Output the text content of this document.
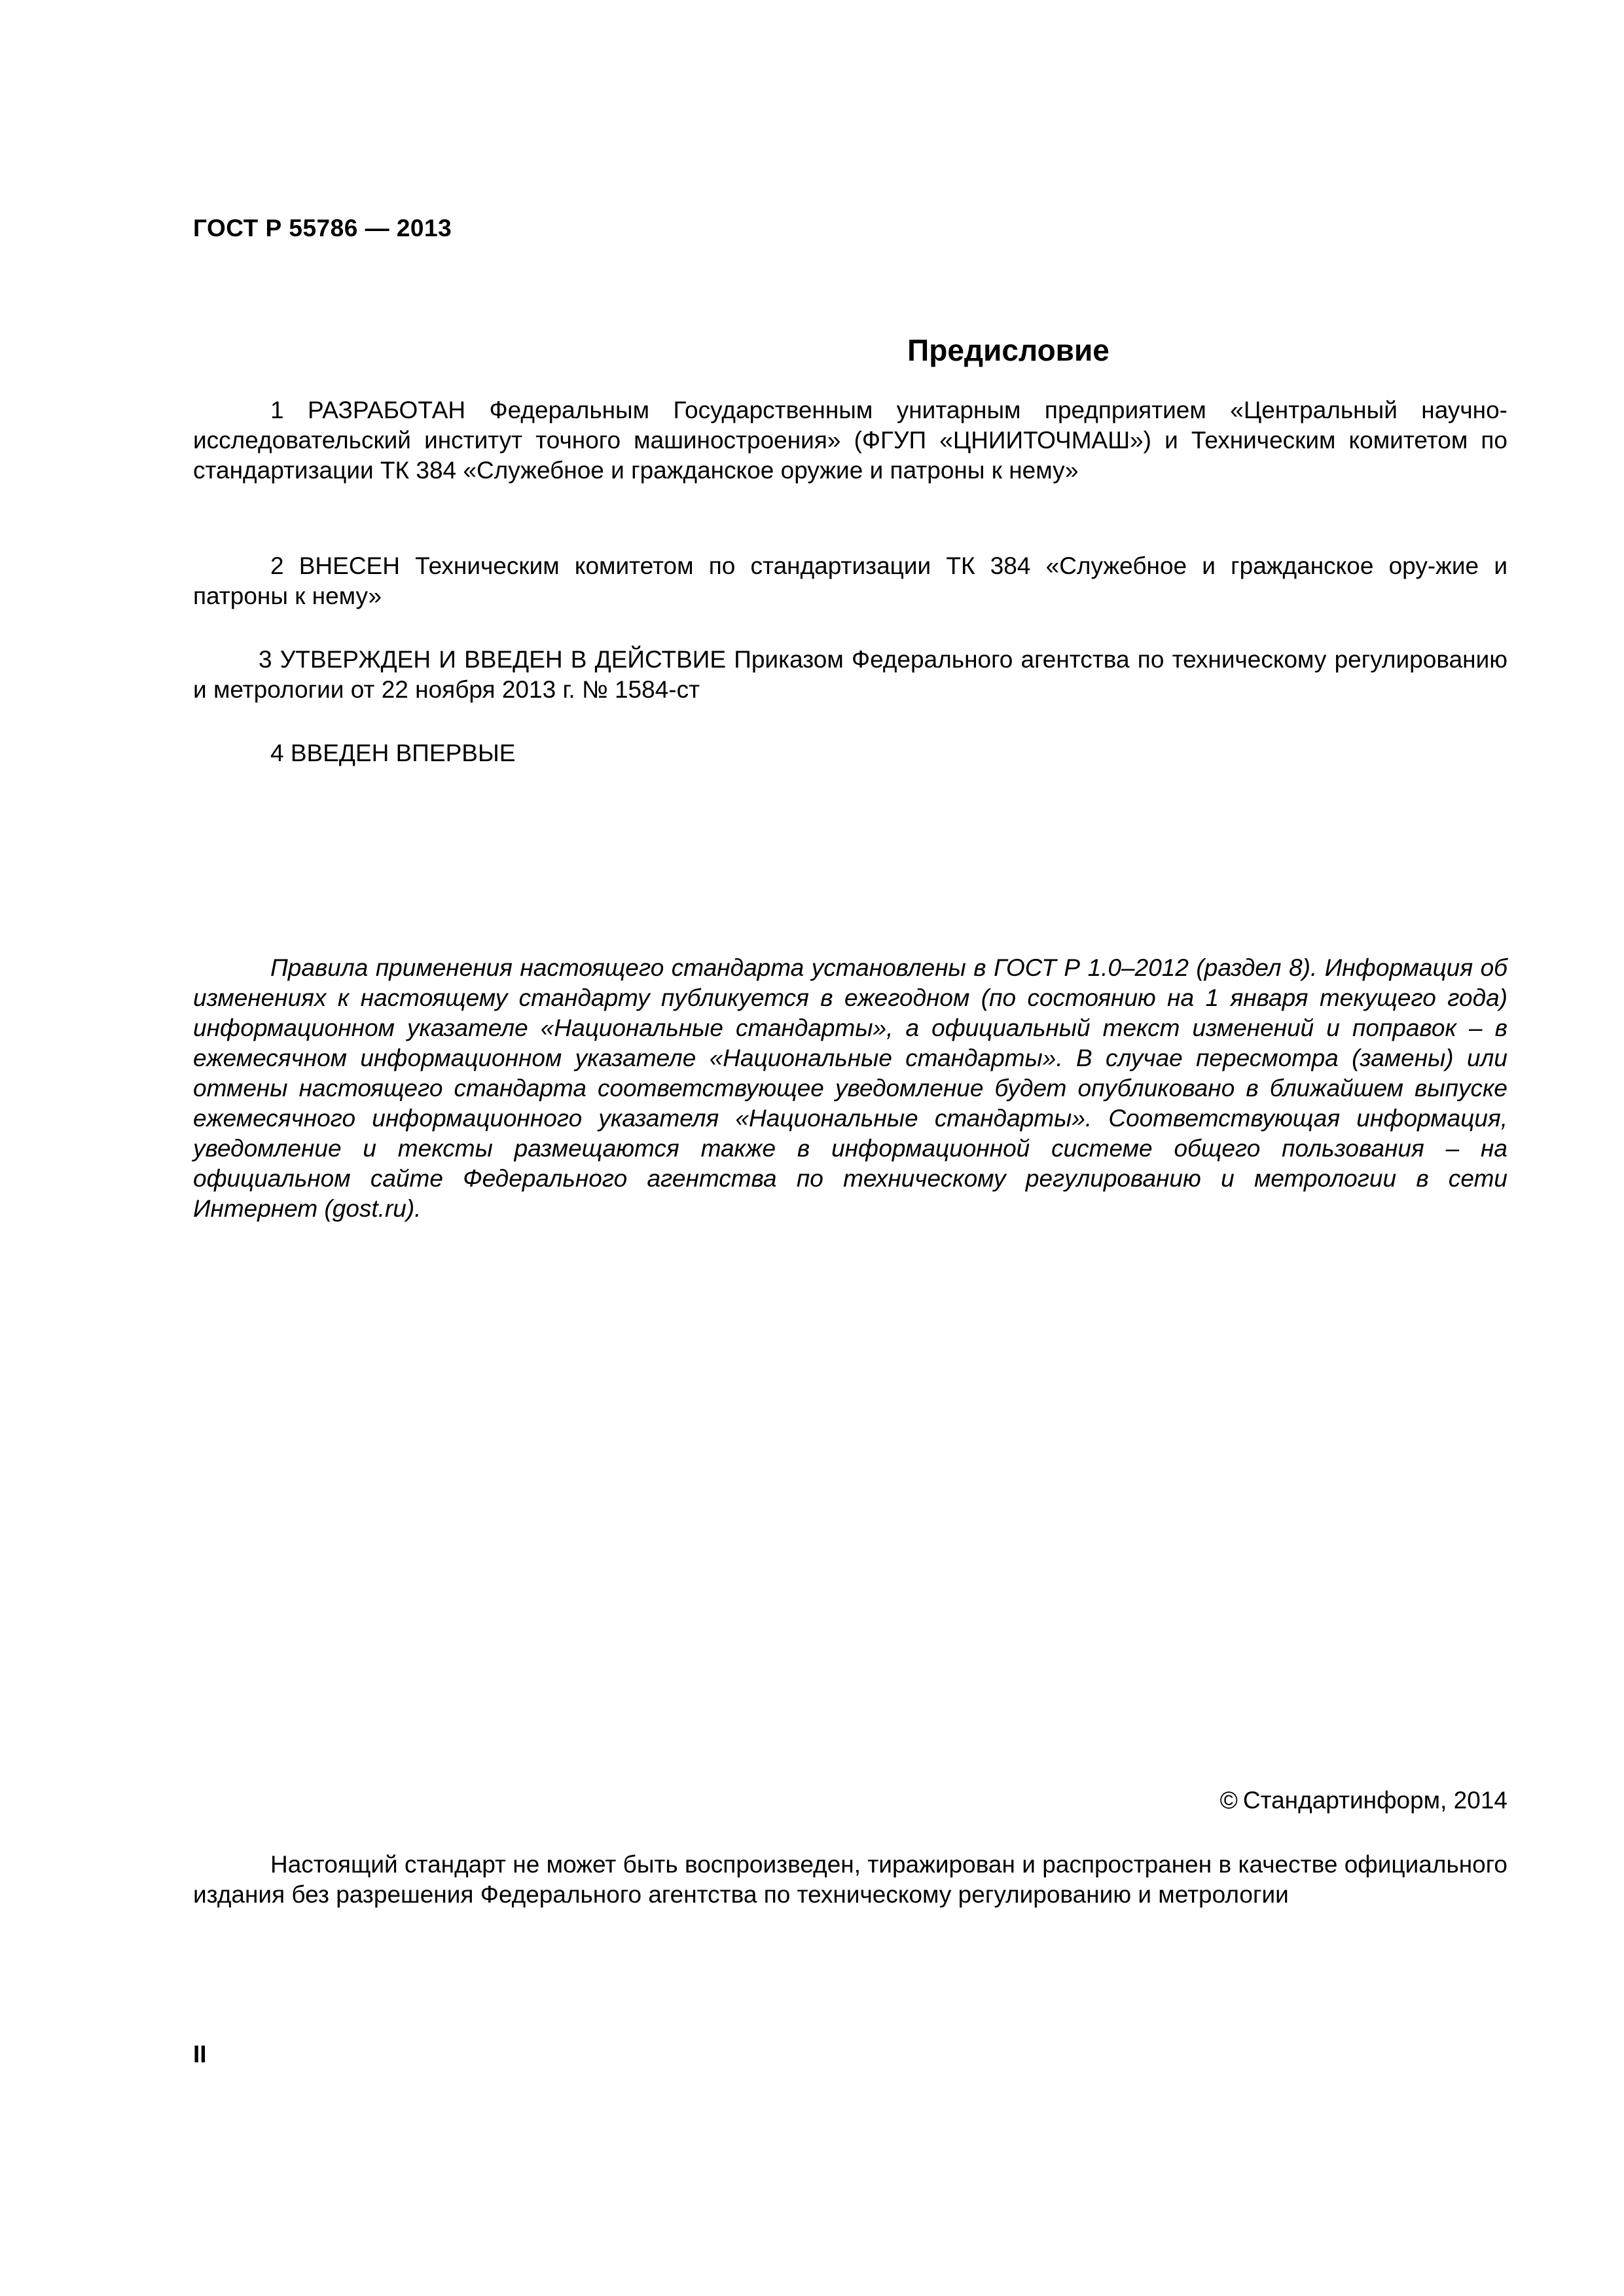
ГОСТ Р 55786 — 2013
Предисловие
1 РАЗРАБОТАН Федеральным Государственным унитарным предприятием «Центральный научно-исследовательский институт точного машиностроения» (ФГУП «ЦНИИТОЧМАШ») и Техническим комитетом по стандартизации ТК 384 «Служебное и гражданское оружие и патроны к нему»
2 ВНЕСЕН Техническим комитетом по стандартизации ТК 384 «Служебное и гражданское ору-жие и патроны к нему»
3 УТВЕРЖДЕН И ВВЕДЕН В ДЕЙСТВИЕ Приказом Федерального агентства по техническому регулированию и метрологии от 22 ноября 2013 г. № 1584-ст
4 ВВЕДЕН ВПЕРВЫЕ
Правила применения настоящего стандарта установлены в ГОСТ Р 1.0–2012 (раздел 8). Информация об изменениях к настоящему стандарту публикуется в ежегодном (по состоянию на 1 января текущего года) информационном указателе «Национальные стандарты», а официальный текст изменений и поправок – в ежемесячном информационном указателе «Национальные стандарты». В случае пересмотра (замены) или отмены настоящего стандарта соответствующее уведомление будет опубликовано в ближайшем выпуске ежемесячного информационного указателя «Национальные стандарты». Соответствующая информация, уведомление и тексты размещаются также в информационной системе общего пользования – на официальном сайте Федерального агентства по техническому регулированию и метрологии в сети Интернет (gost.ru).
© Стандартинформ, 2014
Настоящий стандарт не может быть воспроизведен, тиражирован и распространен в качестве официального издания без разрешения Федерального агентства по техническому регулированию и метрологии
II
